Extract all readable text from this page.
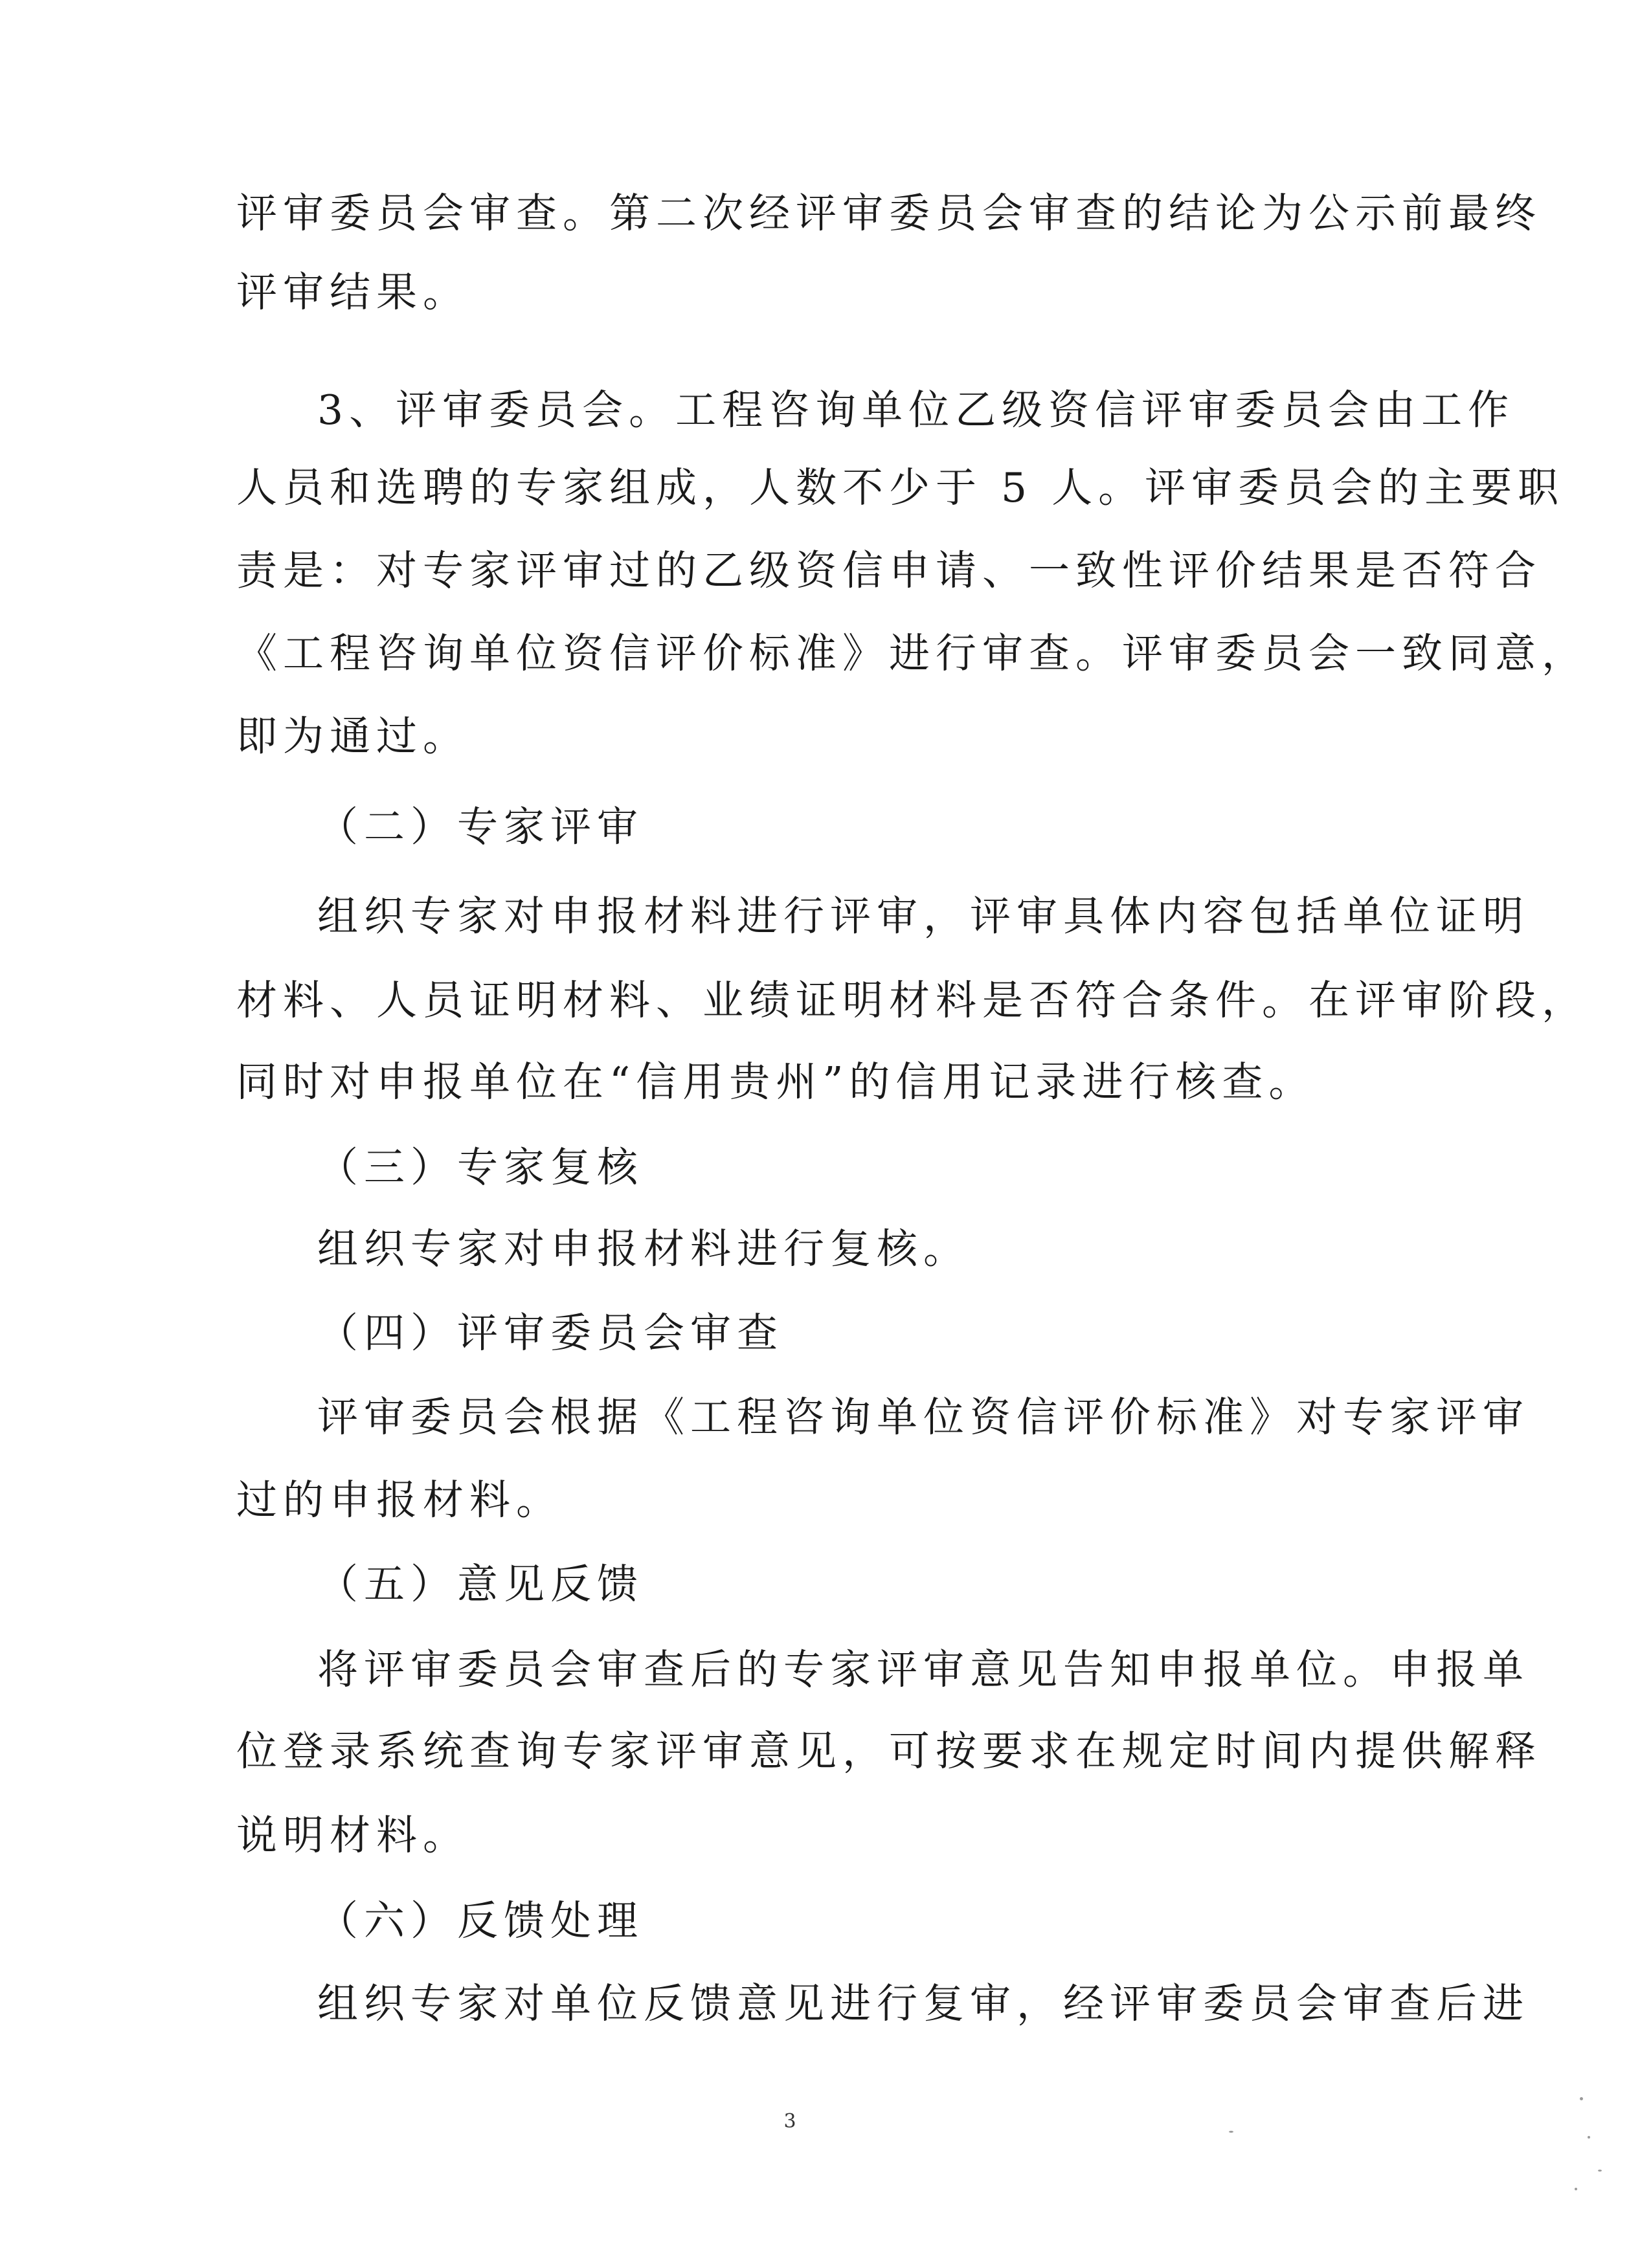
评审委员会审查。第二次经评审委员会审查的结论为公示前最终
评审结果。
3、评审委员会。工程咨询单位乙级资信评审委员会由工作
人员和选聘的专家组成，人数不少于 5 人。评审委员会的主要职
责是：对专家评审过的乙级资信申请、一致性评价结果是否符合
《工程咨询单位资信评价标准》进行审查。评审委员会一致同意，
即为通过。
（二）专家评审
组织专家对申报材料进行评审，评审具体内容包括单位证明
材料、人员证明材料、业绩证明材料是否符合条件。在评审阶段，
同时对申报单位在“信用贵州”的信用记录进行核查。
（三）专家复核
组织专家对申报材料进行复核。
（四）评审委员会审查
评审委员会根据《工程咨询单位资信评价标准》对专家评审
过的申报材料。
（五）意见反馈
将评审委员会审查后的专家评审意见告知申报单位。申报单
位登录系统查询专家评审意见，可按要求在规定时间内提供解释
说明材料。
（六）反馈处理
组织专家对单位反馈意见进行复审，经评审委员会审查后进
3
